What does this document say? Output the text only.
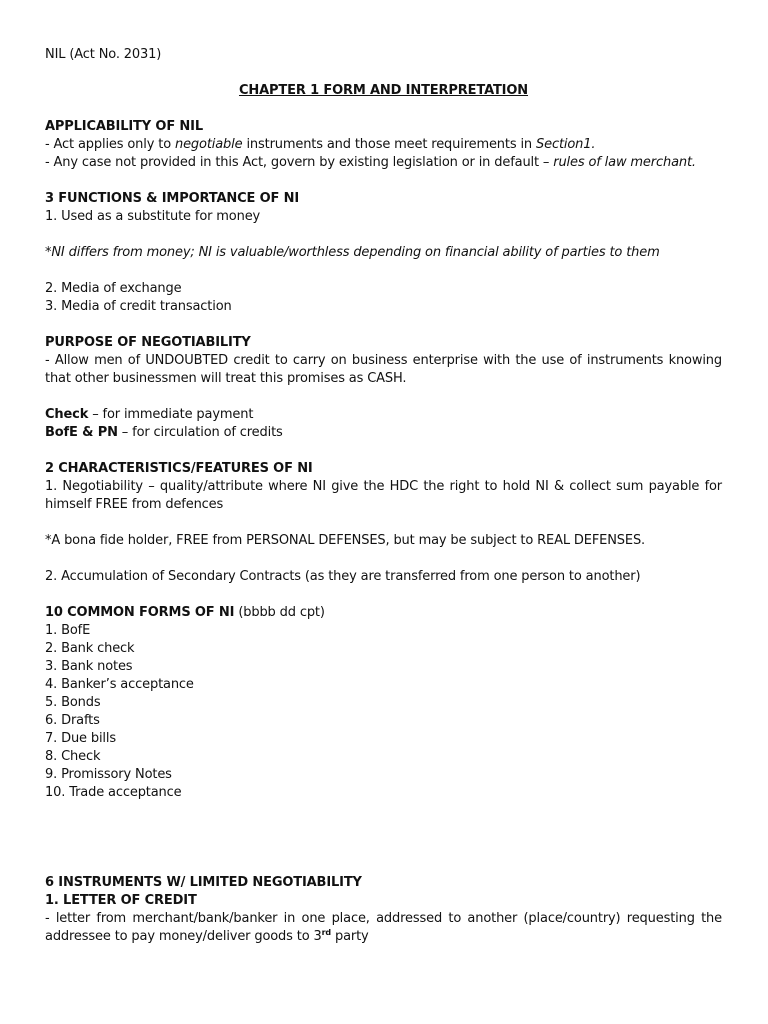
NIL (Act No. 2031)
CHAPTER 1 FORM AND INTERPRETATION
APPLICABILITY OF NIL
- Act applies only to negotiable instruments and those meet requirements in Section1.
- Any case not provided in this Act, govern by existing legislation or in default – rules of law merchant.
3 FUNCTIONS & IMPORTANCE OF NI
1. Used as a substitute for money
*NI differs from money; NI is valuable/worthless depending on financial ability of parties to them
2. Media of exchange
3. Media of credit transaction
PURPOSE OF NEGOTIABILITY
- Allow men of UNDOUBTED credit to carry on business enterprise with the use of instruments knowing that other businessmen will treat this promises as CASH.
Check – for immediate payment
BofE & PN – for circulation of credits
2 CHARACTERISTICS/FEATURES OF NI
1. Negotiability – quality/attribute where NI give the HDC the right to hold NI & collect sum payable for himself FREE from defences
*A bona fide holder, FREE from PERSONAL DEFENSES, but may be subject to REAL DEFENSES.
2. Accumulation of Secondary Contracts (as they are transferred from one person to another)
10 COMMON FORMS OF NI (bbbb dd cpt)
1. BofE
2. Bank check
3. Bank notes
4. Banker’s acceptance
5. Bonds
6. Drafts
7. Due bills
8. Check
9. Promissory Notes
10. Trade acceptance
6 INSTRUMENTS W/ LIMITED NEGOTIABILITY
1. LETTER OF CREDIT
- letter from merchant/bank/banker in one place, addressed to another (place/country) requesting the addressee to pay money/deliver goods to 3rd party
